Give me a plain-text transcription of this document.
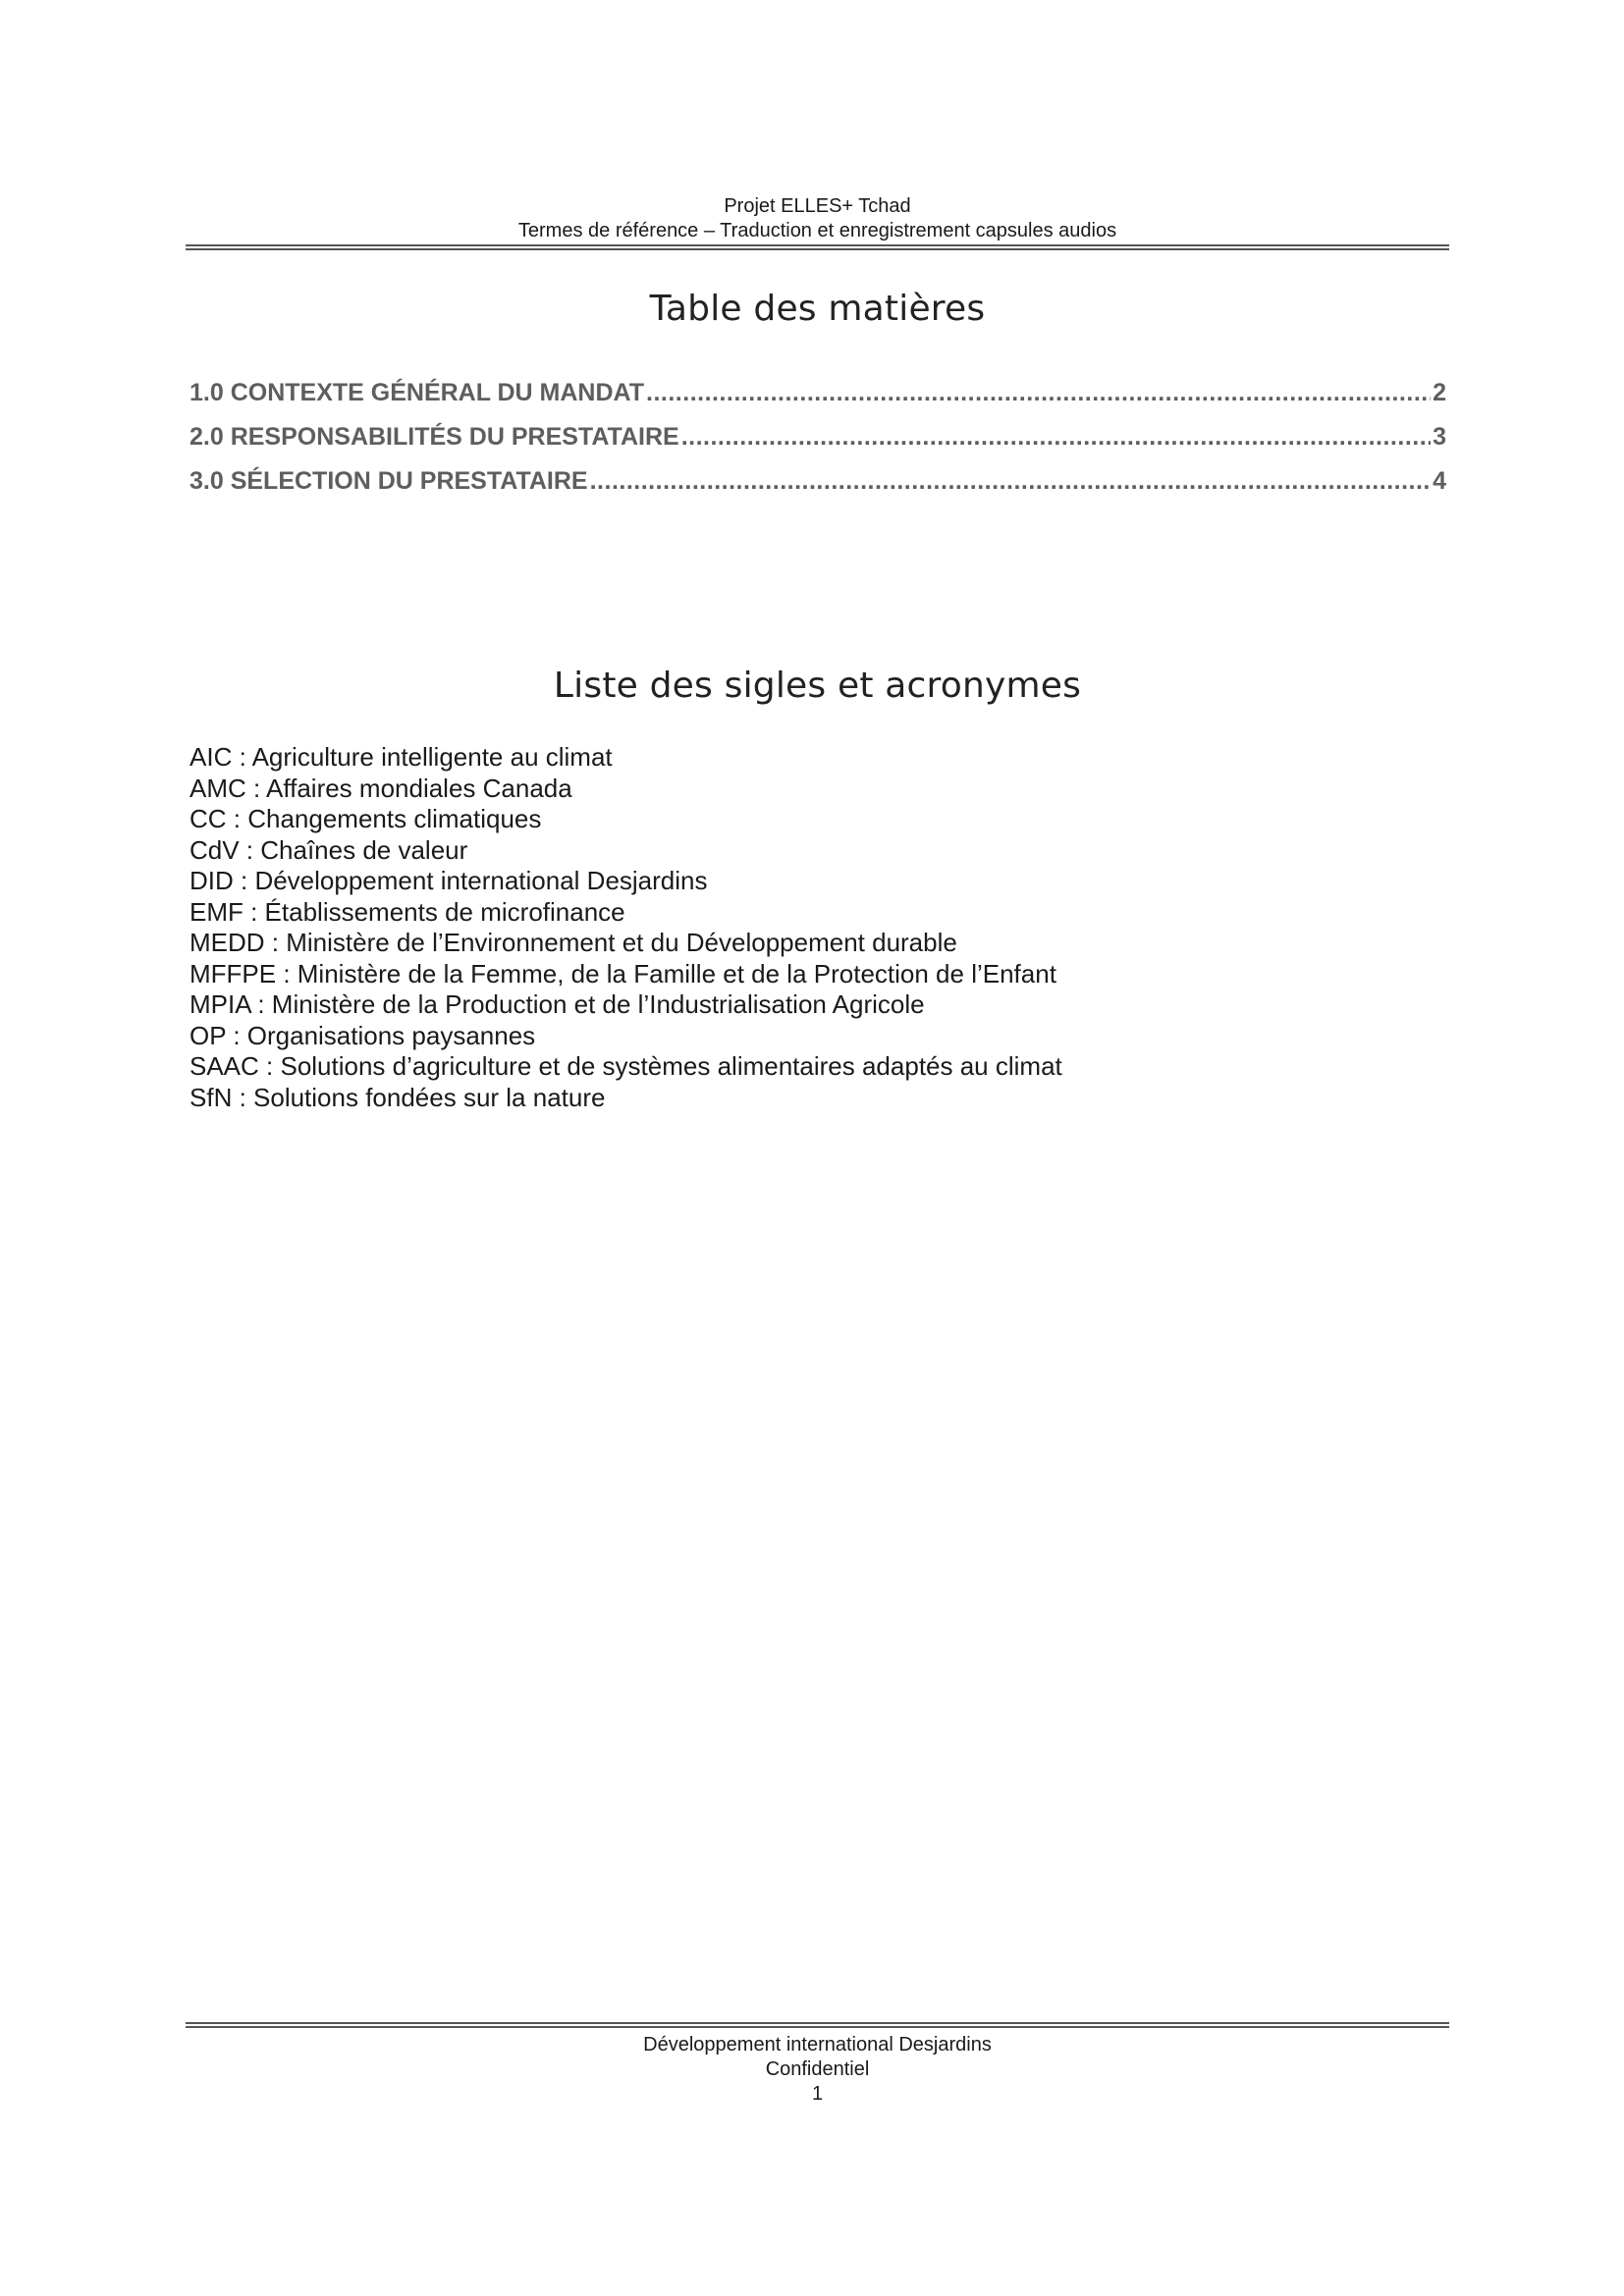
Projet ELLES+ Tchad
Termes de référence – Traduction et enregistrement capsules audios
Table des matières
1.0 CONTEXTE GÉNÉRAL DU MANDAT .....	2
2.0 RESPONSABILITÉS DU PRESTATAIRE .....	3
3.0 SÉLECTION DU PRESTATAIRE .....	4
Liste des sigles et acronymes
AIC : Agriculture intelligente au climat
AMC : Affaires mondiales Canada
CC : Changements climatiques
CdV : Chaînes de valeur
DID : Développement international Desjardins
EMF : Établissements de microfinance
MEDD : Ministère de l’Environnement et du Développement durable
MFFPE : Ministère de la Femme, de la Famille et de la Protection de l’Enfant
MPIA : Ministère de la Production et de l’Industrialisation Agricole
OP : Organisations paysannes
SAAC : Solutions d’agriculture et de systèmes alimentaires adaptés au climat
SfN : Solutions fondées sur la nature
Développement international Desjardins
Confidentiel
1
